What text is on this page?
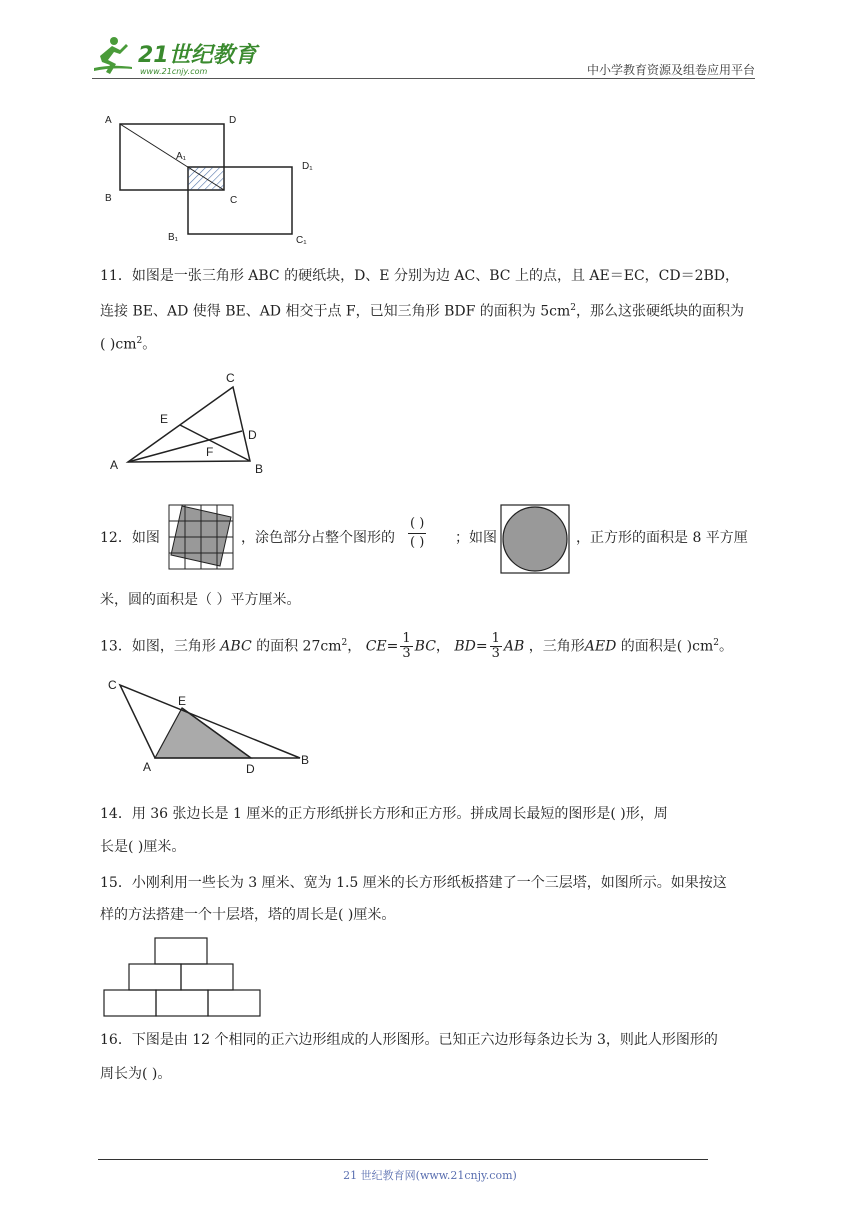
21世纪教育
www.21cnjy.com	中小学教育资源及组卷应用平台
A	D
A₁
D₁
B	C
B₁	C₁
11．如图是一张三角形 ABC 的硬纸块，D、E 分别为边 AC、BC 上的点，且 AE＝EC，CD＝2BD，
连接 BE、AD 使得 BE、AD 相交于点 F，已知三角形 BDF 的面积为 $5cm^2$，那么这张硬纸块的面积为
( )$cm^2$。
C
E
D
F
A	B
12．如图	，涂色部分占整个图形的
( )
( ) ；如图	，正方形的面积是 8 平方厘
米，圆的面积是（ ）平方厘米。
13．如图，三角形 ABC 的面积 $27cm^2$， $CE= \frac{1}{3}$ BC， $BD= \frac{1}{3}$ AB ，三角形AED 的面积是( )$cm^2$。
C
E
A	D
B
14．用 36 张边长是 1 厘米的正方形纸拼长方形和正方形。拼成周长最短的图形是( )形，周
长是( )厘米。
15．小刚利用一些长为 3 厘米、宽为 1.5 厘米的长方形纸板搭建了一个三层塔，如图所示。如果按这
样的方法搭建一个十层塔，塔的周长是( )厘米。
16．下图是由 12 个相同的正六边形组成的人形图形。已知正六边形每条边长为 3，则此人形图形的
周长为( )。
21 世纪教育网(www.21cnjy.com)
